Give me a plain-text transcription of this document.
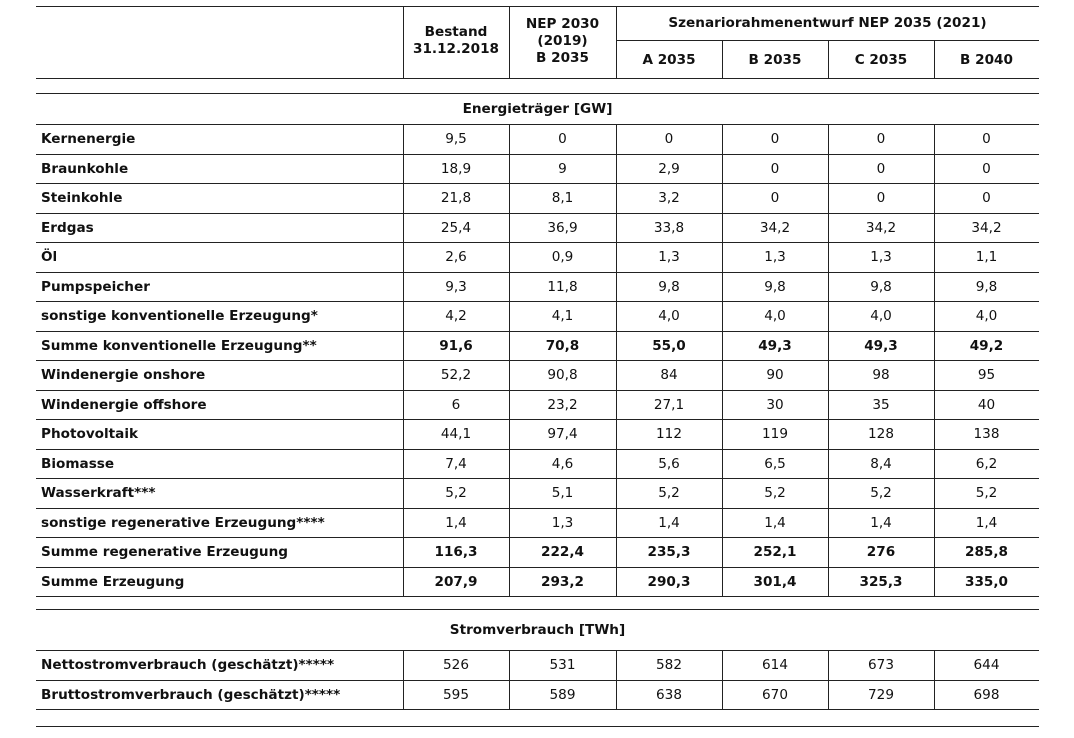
Bestand
31.12.2018
NEP 2030
(2019)
B 2035
Szenariorahmenentwurf NEP 2035 (2021)
A 2035	B 2035	C 2035	B 2040
Energieträger [GW]
Kernenergie	9,5	0	0	0	0	0
Braunkohle	18,9	9	2,9	0	0	0
Steinkohle	21,8	8,1	3,2	0	0	0
Erdgas	25,4	36,9	33,8	34,2	34,2	34,2
Öl	2,6	0,9	1,3	1,3	1,3	1,1
Pumpspeicher	9,3	11,8	9,8	9,8	9,8	9,8
sonstige konventionelle Erzeugung*	4,2	4,1	4,0	4,0	4,0	4,0
Summe konventionelle Erzeugung**	91,6	70,8	55,0	49,3	49,3	49,2
Windenergie onshore	52,2	90,8	84	90	98	95
Windenergie offshore	6	23,2	27,1	30	35	40
Photovoltaik	44,1	97,4	112	119	128	138
Biomasse	7,4	4,6	5,6	6,5	8,4	6,2
Wasserkraft***	5,2	5,1	5,2	5,2	5,2	5,2
sonstige regenerative Erzeugung****	1,4	1,3	1,4	1,4	1,4	1,4
Summe regenerative Erzeugung	116,3	222,4	235,3	252,1	276	285,8
Summe Erzeugung	207,9	293,2	290,3	301,4	325,3	335,0
Stromverbrauch [TWh]
Nettostromverbrauch (geschätzt)*****	526	531	582	614	673	644
Bruttostromverbrauch (geschätzt)*****	595	589	638	670	729	698
